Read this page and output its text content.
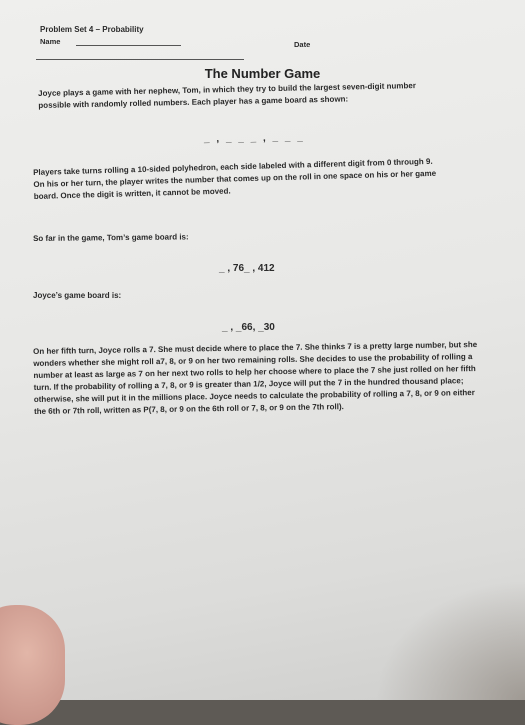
Problem Set 4 – Probability
Name	Date
The Number Game
Joyce plays a game with her nephew, Tom, in which they try to build the largest seven-digit number possible with randomly rolled numbers. Each player has a game board as shown:
_ , _ _ _ , _ _ _
Players take turns rolling a 10-sided polyhedron, each side labeled with a different digit from 0 through 9. On his or her turn, the player writes the number that comes up on the roll in one space on his or her game board. Once the digit is written, it cannot be moved.
So far in the game, Tom’s game board is:
_ , 76_ , 412
Joyce’s game board is:
_ , _66, _30
On her fifth turn, Joyce rolls a 7. She must decide where to place the 7. She thinks 7 is a pretty large number, but she wonders whether she might roll a7, 8, or 9 on her two remaining rolls. She decides to use the probability of rolling a number at least as large as 7 on her next two rolls to help her choose where to place the 7 she just rolled on her fifth turn. If the probability of rolling a 7, 8, or 9 is greater than 1/2, Joyce will put the 7 in the hundred thousand place; otherwise, she will put it in the millions place. Joyce needs to calculate the probability of rolling a 7, 8, or 9 on either the 6th or 7th roll, written as P(7, 8, or 9 on the 6th roll or 7, 8, or 9 on the 7th roll).
